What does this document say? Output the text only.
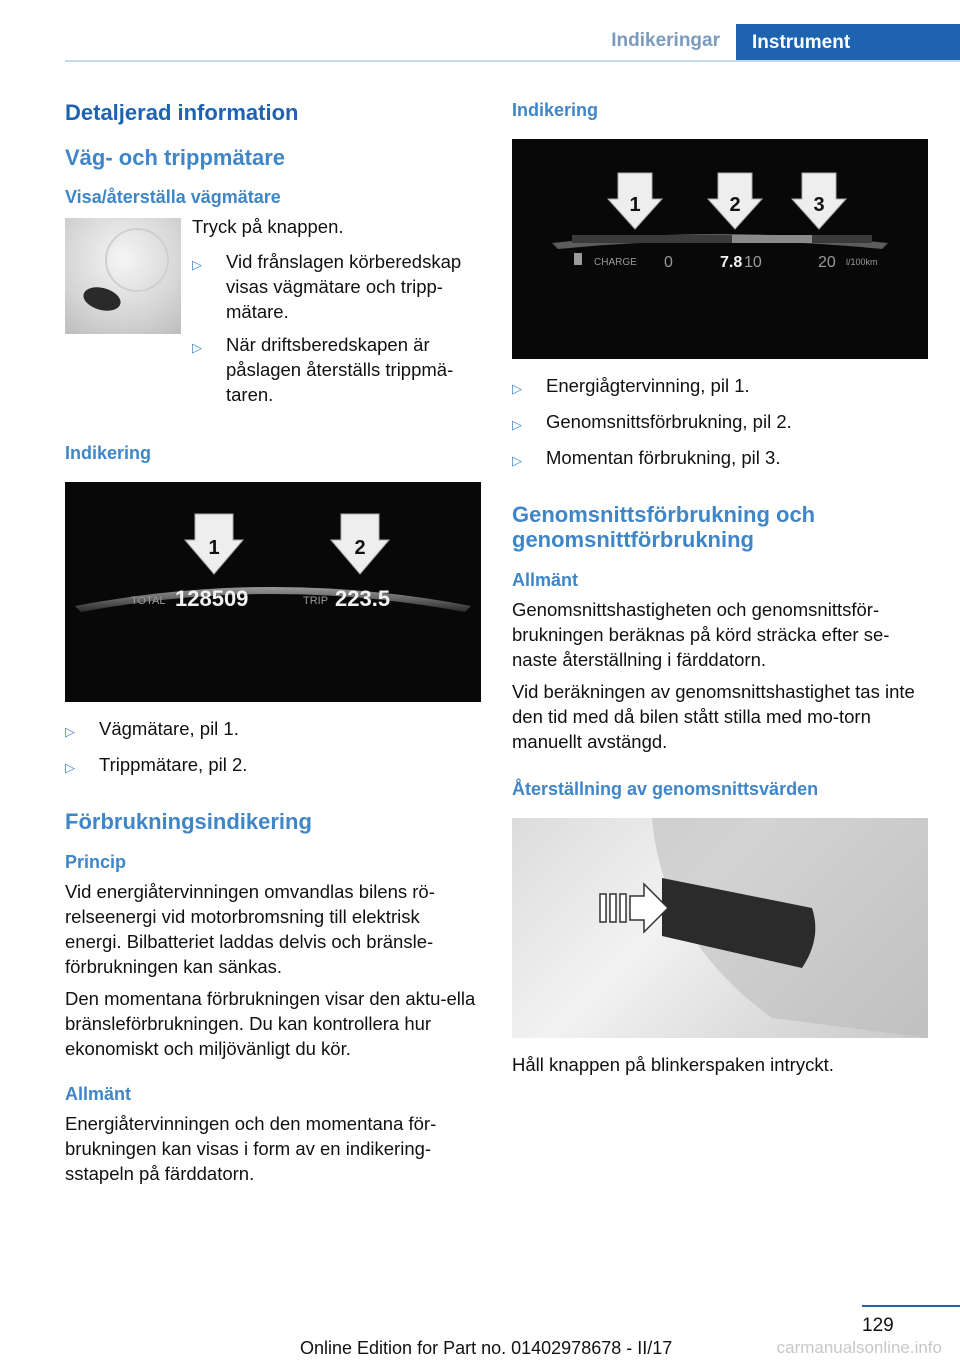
Indikeringar	Instrument
Detaljerad information
Väg- och trippmätare
Visa/återställa vägmätare
Tryck på knappen.
▷	Vid frånslagen körberedskap visas vägmätare och tripp-mätare.
▷	När driftsberedskapen är påslagen återställs trippmä-taren.
Indikering
1	2
TOTAL 128509	TRIP 223.5
▷	Vägmätare, pil 1.
▷	Trippmätare, pil 2.
Förbrukningsindikering
Princip
Vid energiåtervinningen omvandlas bilens rö-relseenergi vid motorbromsning till elektrisk energi. Bilbatteriet laddas delvis och bränsle-förbrukningen kan sänkas.
Den momentana förbrukningen visar den aktu-ella bränsleförbrukningen. Du kan kontrollera hur ekonomiskt och miljövänligt du kör.
Allmänt
Energiåtervinningen och den momentana för-brukningen kan visas i form av en indikering-sstapeln på färddatorn.
Indikering
1	2	3
CHARGE 0	7.8 10	20 l/100km
▷	Energiågtervinning, pil 1.
▷	Genomsnittsförbrukning, pil 2.
▷	Momentan förbrukning, pil 3.
Genomsnittsförbrukning och genomsnittförbrukning
Allmänt
Genomsnittshastigheten och genomsnittsför-brukningen beräknas på körd sträcka efter se-naste återställning i färddatorn.
Vid beräkningen av genomsnittshastighet tas inte den tid med då bilen stått stilla med mo-torn manuellt avstängd.
Återställning av genomsnittsvärden
Håll knappen på blinkerspaken intryckt.
129
Online Edition for Part no. 01402978678 - II/17	carmanualsonline.info
